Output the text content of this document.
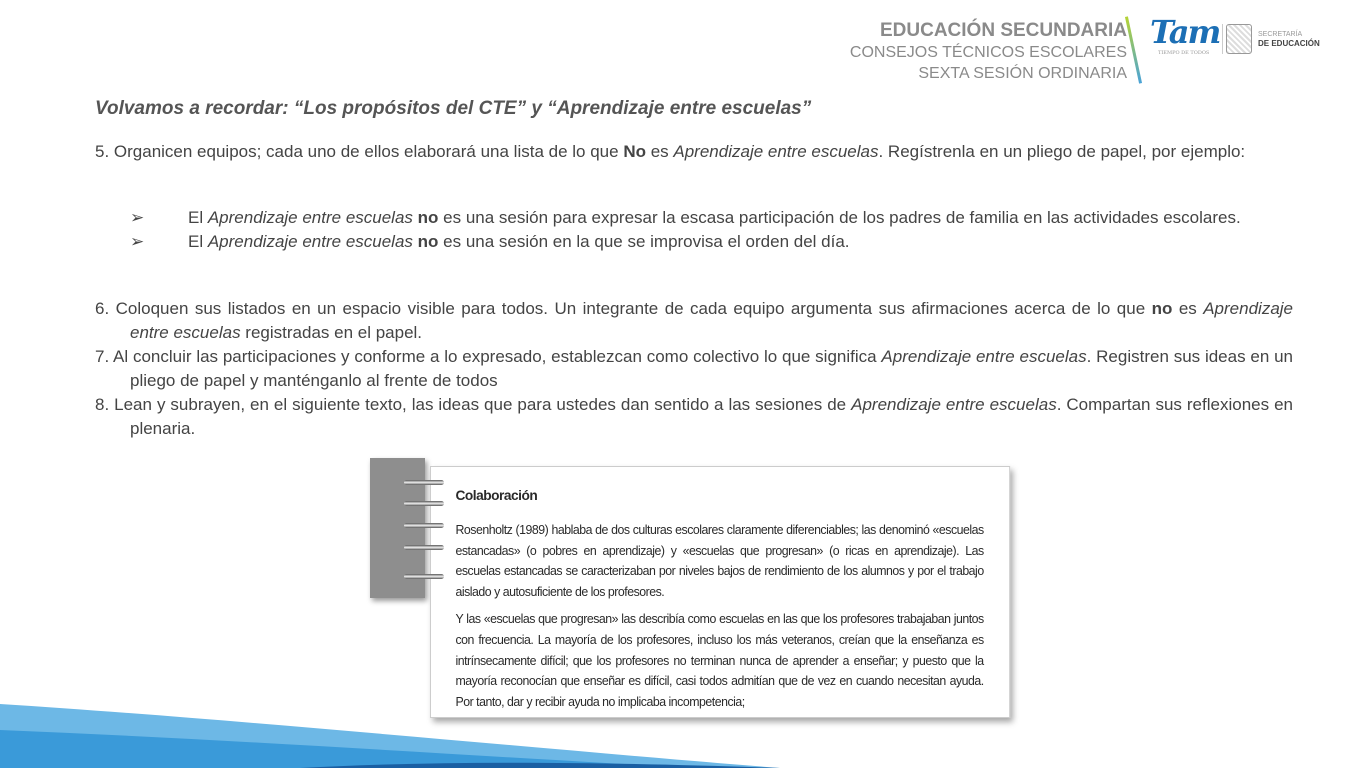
EDUCACIÓN SECUNDARIA
CONSEJOS TÉCNICOS ESCOLARES
SEXTA SESIÓN ORDINARIA
Tam
TIEMPO DE TODOS
SECRETARÍA
DE EDUCACIÓN
Volvamos a recordar: “Los propósitos del CTE” y “Aprendizaje entre escuelas”

5. Organicen equipos; cada uno de ellos elaborará una lista de lo que No es Aprendizaje entre escuelas. Regístrenla en un pliego de papel, por ejemplo:

➢	El Aprendizaje entre escuelas no es una sesión para expresar la escasa participación de los padres de familia en las actividades escolares.

➢	El Aprendizaje entre escuelas no es una sesión en la que se improvisa el orden del día.

6. Coloquen sus listados en un espacio visible para todos. Un integrante de cada equipo argumenta sus afirmaciones acerca de lo que no es Aprendizaje entre escuelas registradas en el papel.

7. Al concluir las participaciones y conforme a lo expresado, establezcan como colectivo lo que significa Aprendizaje entre escuelas. Registren sus ideas en un pliego de papel y manténganlo al frente de todos

8. Lean y subrayen, en el siguiente texto, las ideas que para ustedes dan sentido a las sesiones de Aprendizaje entre escuelas. Compartan sus reflexiones en plenaria.

Colaboración

Rosenholtz (1989) hablaba de dos culturas escolares claramente diferenciables; las denominó «escuelas estancadas» (o pobres en aprendizaje) y «escuelas que progresan» (o ricas en aprendizaje). Las escuelas estancadas se caracterizaban por niveles bajos de rendimiento de los alumnos y por el trabajo aislado y autosuficiente de los profesores.

Y las «escuelas que progresan» las describía como escuelas en las que los profesores trabajaban juntos con frecuencia. La mayoría de los profesores, incluso los más veteranos, creían que la enseñanza es intrínsecamente difícil; que los profesores no terminan nunca de aprender a enseñar; y puesto que la mayoría reconocían que enseñar es difícil, casi todos admitían que de vez en cuando necesitan ayuda. Por tanto, dar y recibir ayuda no implicaba incompetencia;
